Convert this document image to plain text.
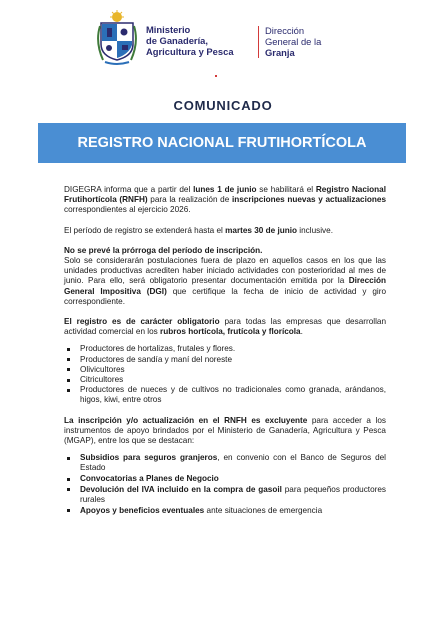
Ministerio
de Ganadería,
Agricultura y Pesca
Dirección
General de la
Granja
COMUNICADO
REGISTRO NACIONAL FRUTIHORTÍCOLA

DIGEGRA informa que a partir del lunes 1 de junio se habilitará el Registro Nacional Frutihortícola (RNFH) para la realización de inscripciones nuevas y actualizaciones correspondientes al ejercicio 2026.

El período de registro se extenderá hasta el martes 30 de junio inclusive.

No se prevé la prórroga del período de inscripción.
Solo se considerarán postulaciones fuera de plazo en aquellos casos en los que las unidades productivas acrediten haber iniciado actividades con posterioridad al mes de junio. Para ello, será obligatorio presentar documentación emitida por la Dirección General Impositiva (DGI) que certifique la fecha de inicio de actividad y giro correspondiente.

El registro es de carácter obligatorio para todas las empresas que desarrollan actividad comercial en los rubros hortícola, frutícola y florícola.

Productores de hortalizas, frutales y flores.
Productores de sandía y maní del noreste
Olivicultores
Citricultores
Productores de nueces y de cultivos no tradicionales como granada, arándanos, higos, kiwi, entre otros

La inscripción y/o actualización en el RNFH es excluyente para acceder a los instrumentos de apoyo brindados por el Ministerio de Ganadería, Agricultura y Pesca (MGAP), entre los que se destacan:

Subsidios para seguros granjeros, en convenio con el Banco de Seguros del Estado
Convocatorias a Planes de Negocio
Devolución del IVA incluido en la compra de gasoil para pequeños productores rurales
Apoyos y beneficios eventuales ante situaciones de emergencia
